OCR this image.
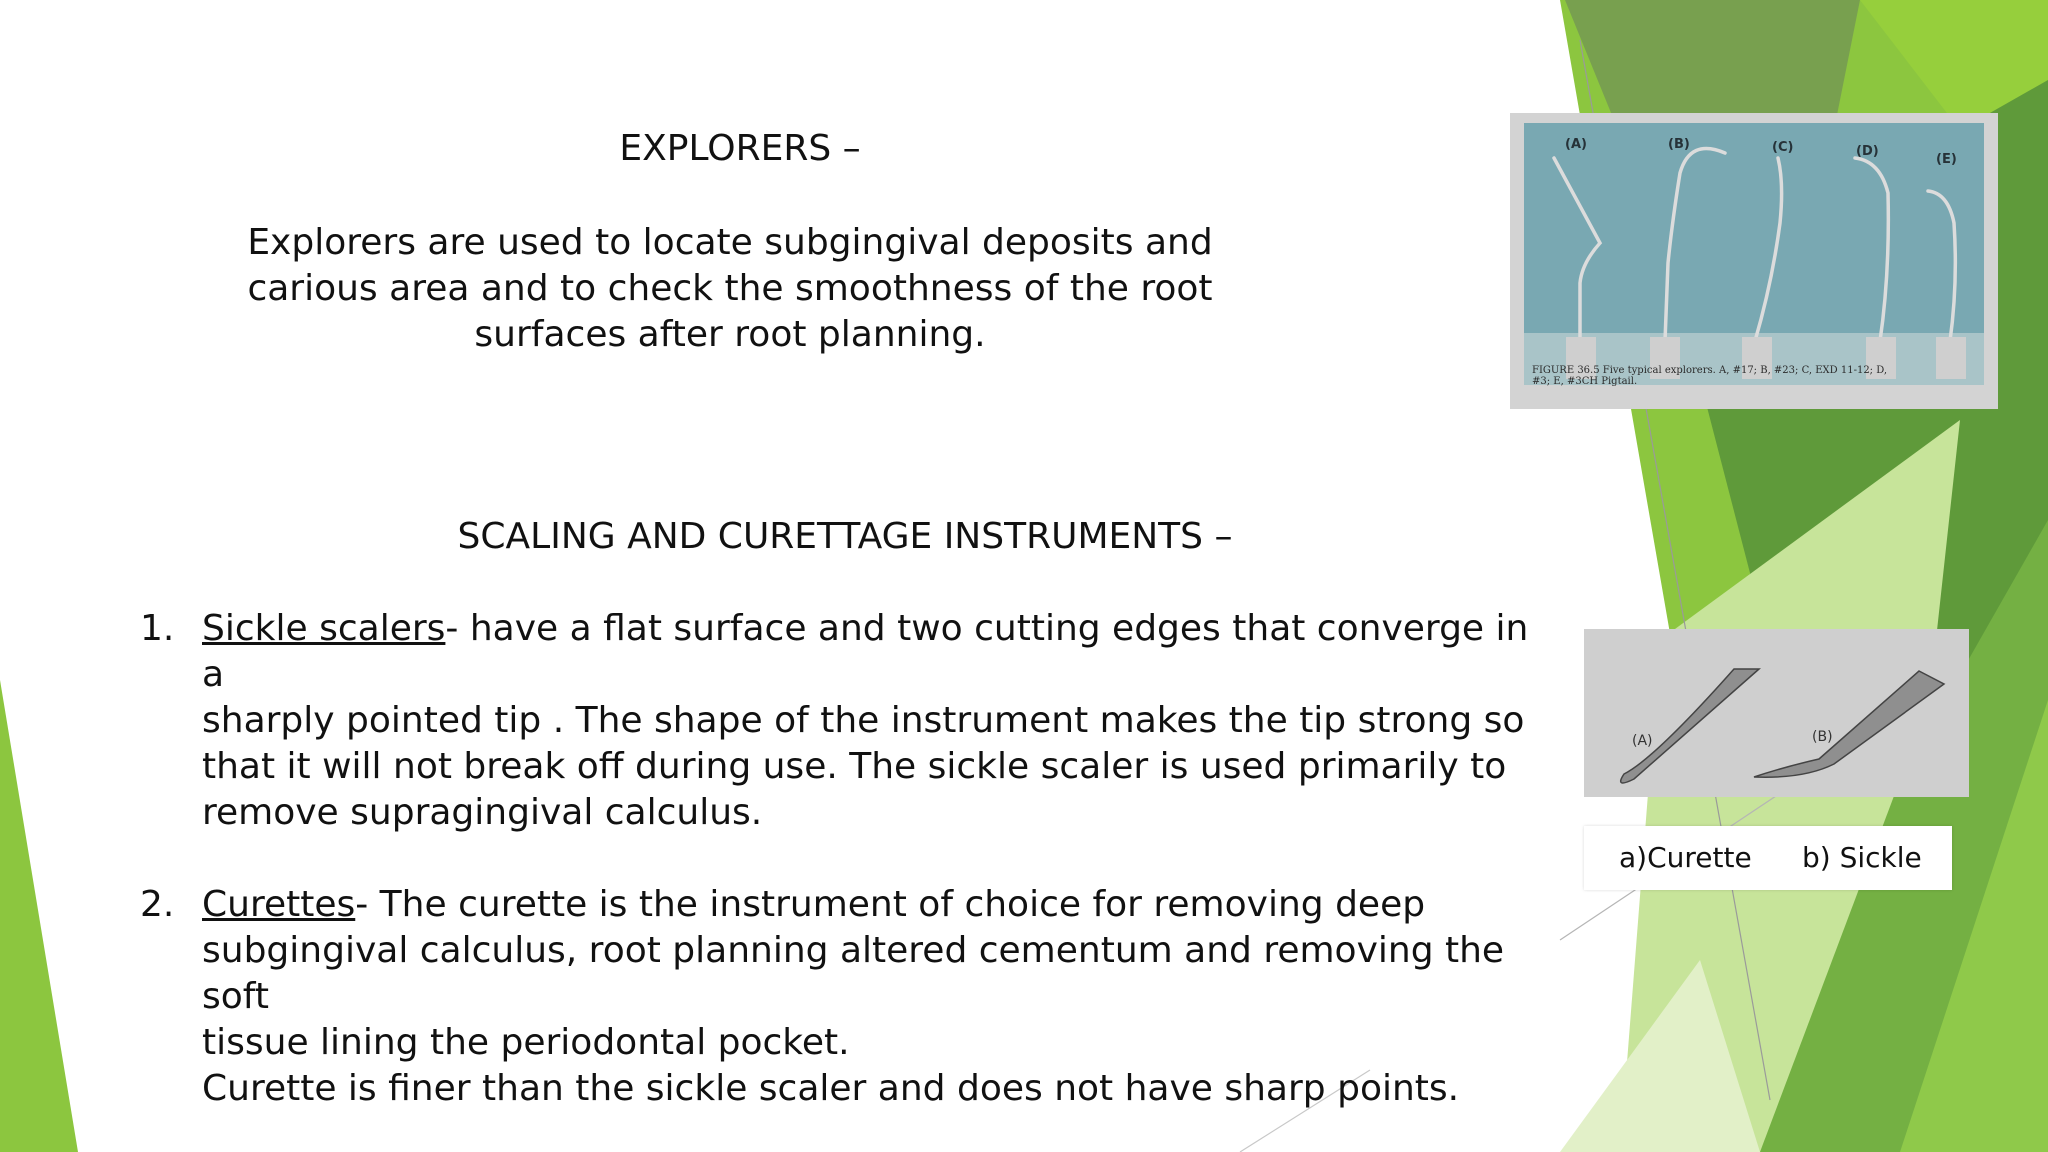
EXPLORERS –

Explorers are used to locate subgingival deposits and
carious area and to check the smoothness of the root
surfaces after root planning.

SCALING AND CURETTAGE INSTRUMENTS –
1. Sickle scalers- have a flat surface and two cutting edges that converge in a
sharply pointed tip . The shape of the instrument makes the tip strong so
that it will not break off during use. The sickle scaler is used primarily to
remove supragingival calculus.
2. Curettes- The curette is the instrument of choice for removing deep
subgingival calculus, root planning altered cementum and removing the soft
tissue lining the periodontal pocket.
Curette is finer than the sickle scaler and does not have sharp points.
(A)	(B)	(C)	(D)
(E)
FIGURE 36.5 Five typical explorers. A, #17; B, #23; C, EXD 11-12; D,
#3; E, #3CH Pigtail.
(A)	(B)
a)Curette b) Sickle
